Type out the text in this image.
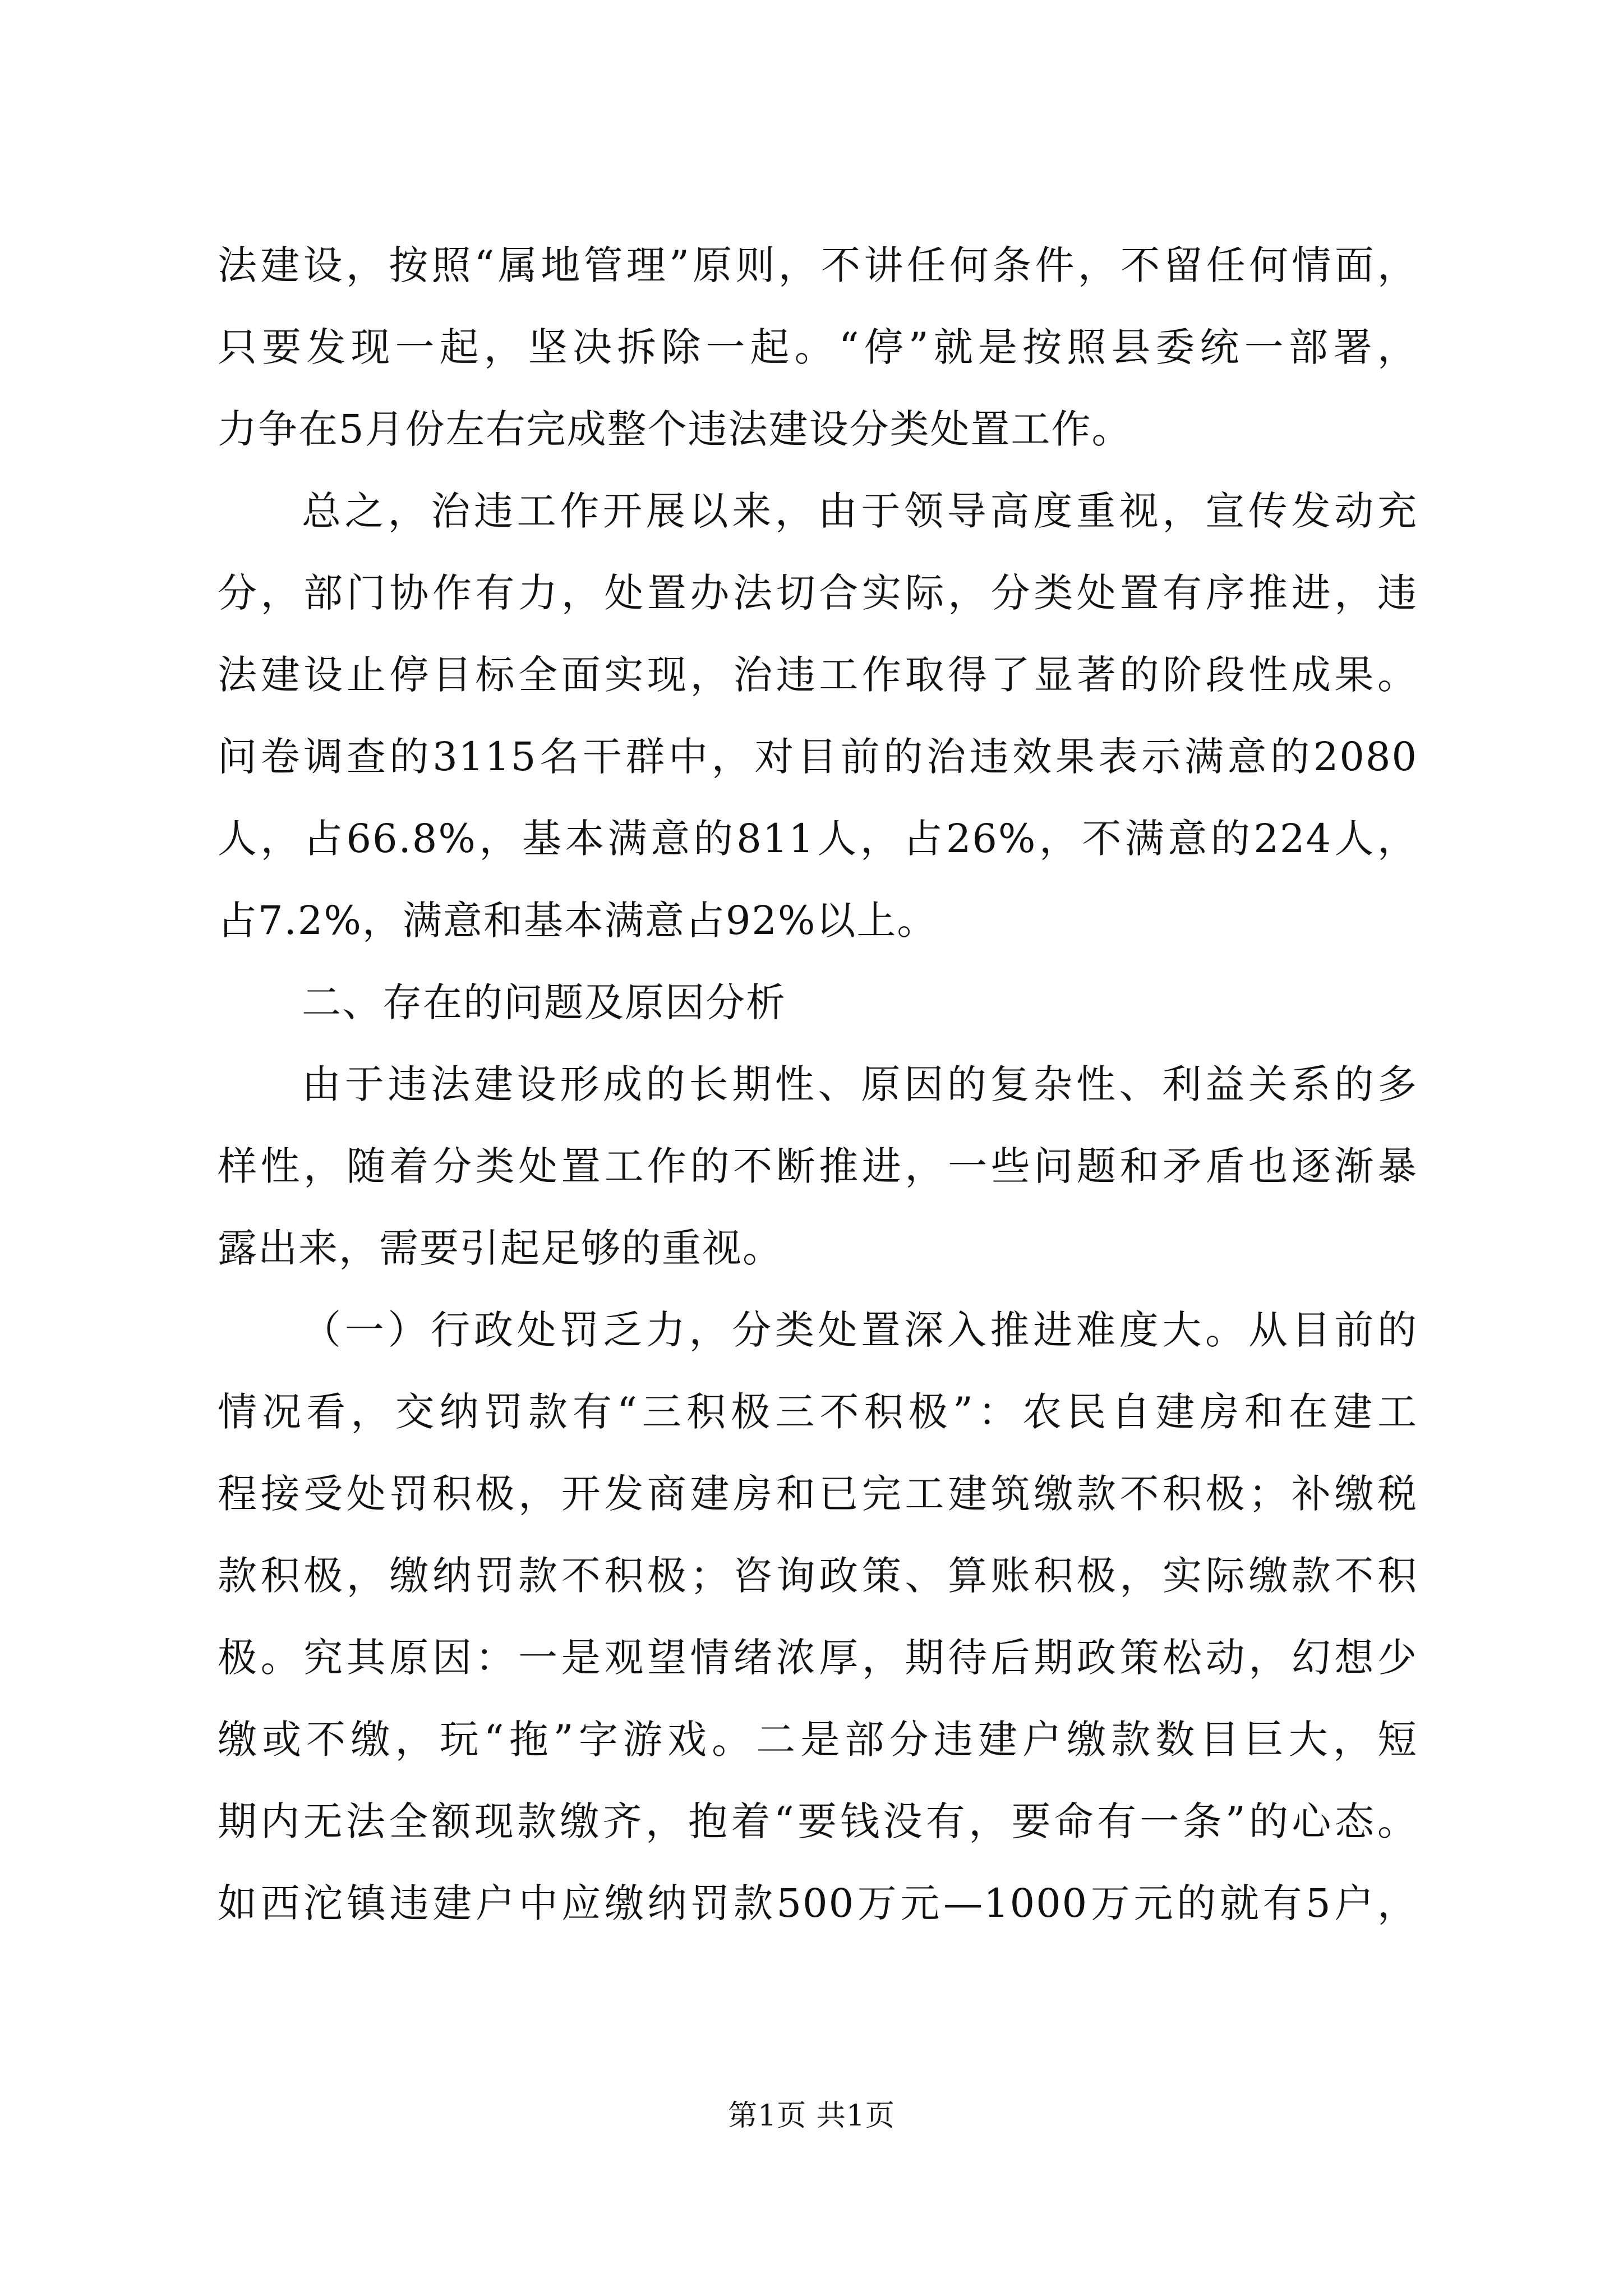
法建设，按照“属地管理”原则，不讲任何条件，不留任何情面，
只要发现一起，坚决拆除一起。“停”就是按照县委统一部署，
力争在5月份左右完成整个违法建设分类处置工作。
总之，治违工作开展以来，由于领导高度重视，宣传发动充
分，部门协作有力，处置办法切合实际，分类处置有序推进，违
法建设止停目标全面实现，治违工作取得了显著的阶段性成果。
问卷调查的3115名干群中，对目前的治违效果表示满意的2080
人，占66.8%，基本满意的811人，占26%，不满意的224人，
占7.2%，满意和基本满意占92%以上。
二、存在的问题及原因分析
由于违法建设形成的长期性、原因的复杂性、利益关系的多
样性，随着分类处置工作的不断推进，一些问题和矛盾也逐渐暴
露出来，需要引起足够的重视。
（一）行政处罚乏力，分类处置深入推进难度大。从目前的
情况看，交纳罚款有“三积极三不积极”：农民自建房和在建工
程接受处罚积极，开发商建房和已完工建筑缴款不积极；补缴税
款积极，缴纳罚款不积极；咨询政策、算账积极，实际缴款不积
极。究其原因：一是观望情绪浓厚，期待后期政策松动，幻想少
缴或不缴，玩“拖”字游戏。二是部分违建户缴款数目巨大，短
期内无法全额现款缴齐，抱着“要钱没有，要命有一条”的心态。
如西沱镇违建户中应缴纳罚款500万元—1000万元的就有5户，
第1页 共1页
